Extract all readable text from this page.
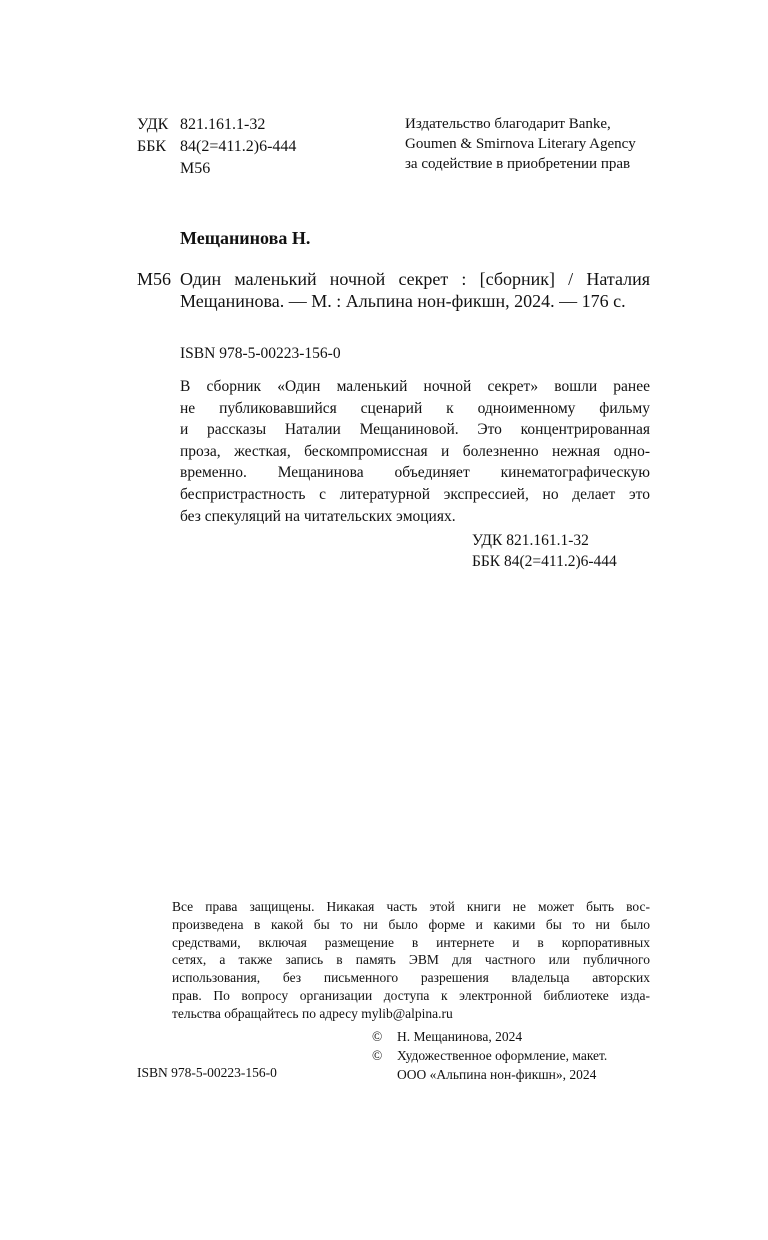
УДК 821.161.1-32
ББК 84(2=411.2)6-444
М56
Издательство благодарит Banke,
Goumen & Smirnova Literary Agency
за содействие в приобретении прав
Мещанинова Н.
М56 Один маленький ночной секрет : [сборник] / Наталия Мещанинова. — М. : Альпина нон-фикшн, 2024. — 176 с.
ISBN 978-5-00223-156-0
В сборник «Один маленький ночной секрет» вошли ранее
не публиковавшийся сценарий к одноименному фильму
и рассказы Наталии Мещаниновой. Это концентрированная
проза, жесткая, бескомпромиссная и болезненно нежная одно-
временно. Мещанинова объединяет кинематографическую
беспристрастность с литературной экспрессией, но делает это
без спекуляций на читательских эмоциях.
УДК 821.161.1-32
ББК 84(2=411.2)6-444
Все права защищены. Никакая часть этой книги не может быть вос-
произведена в какой бы то ни было форме и какими бы то ни было
средствами, включая размещение в интернете и в корпоративных
сетях, а также запись в память ЭВМ для частного или публичного
использования, без письменного разрешения владельца авторских
прав. По вопросу организации доступа к электронной библиотеке изда-
тельства обращайтесь по адресу mylib@alpina.ru
©	Н. Мещанинова, 2024
©	Художественное оформление, макет.
ООО «Альпина нон-фикшн», 2024
ISBN 978-5-00223-156-0
